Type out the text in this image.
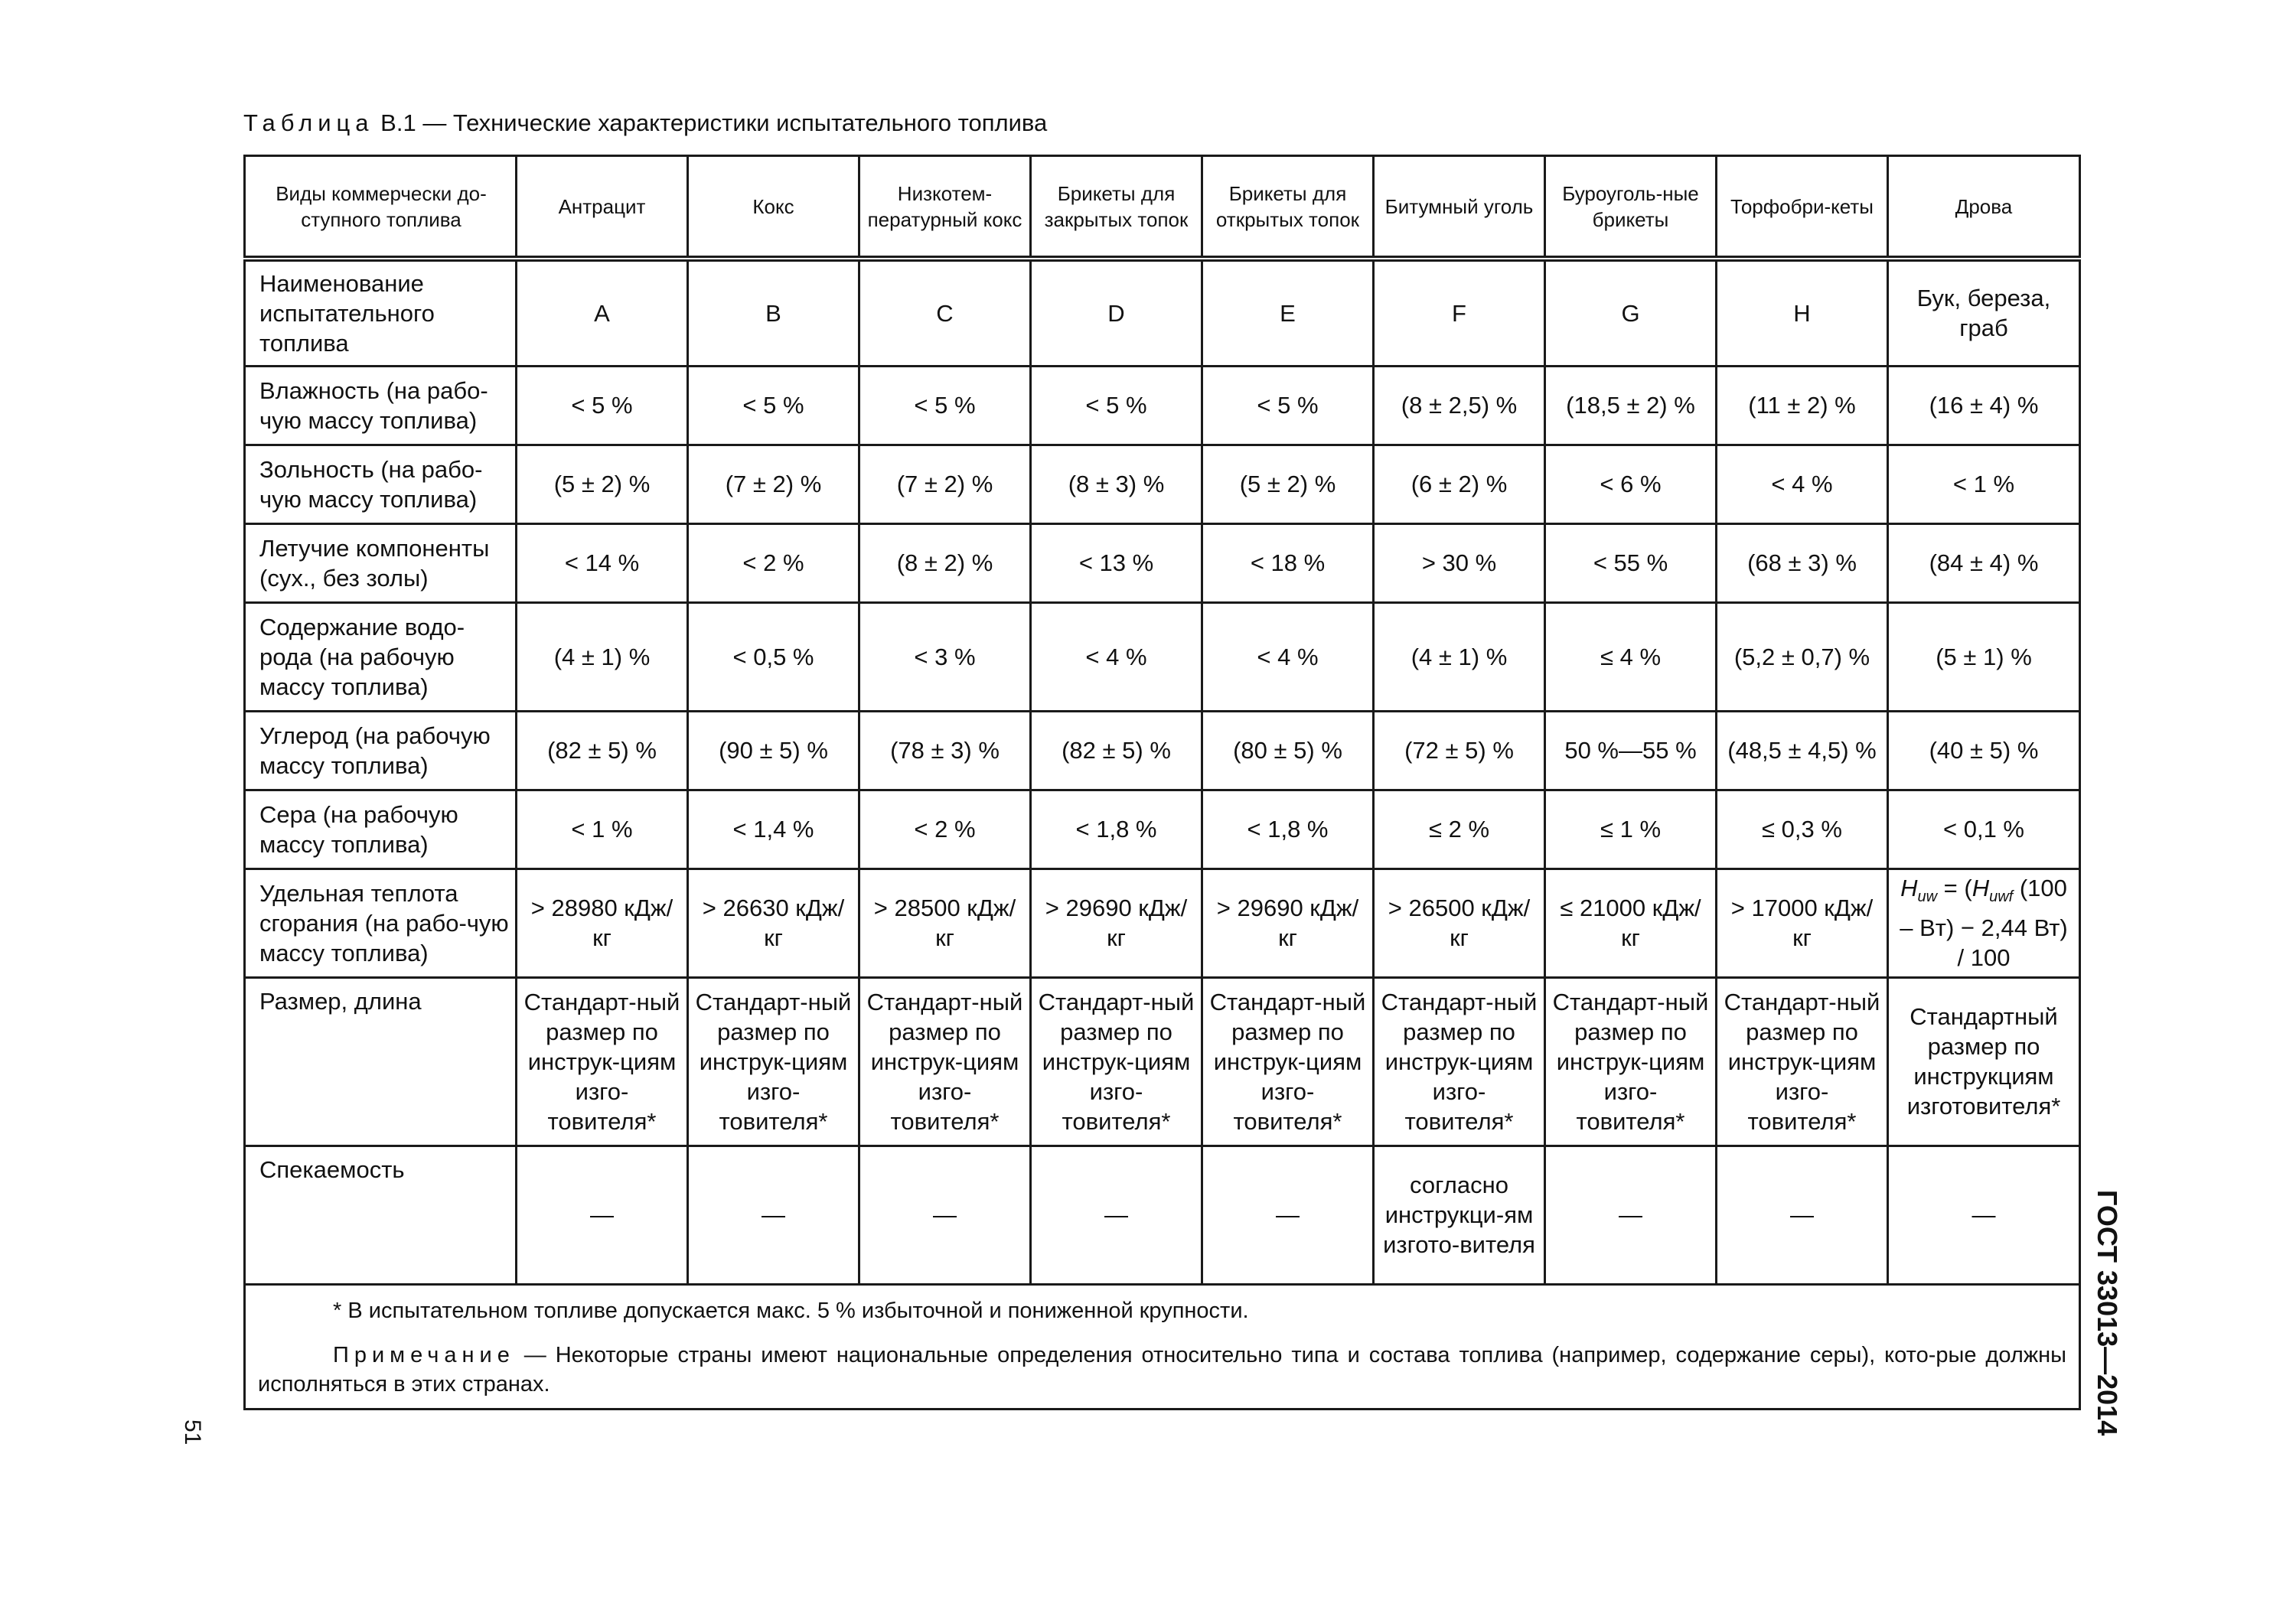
Таблица В.1 — Технические характеристики испытательного топлива
Виды коммерчески до-ступного топлива	Антрацит	Кокс	Низкотем-пературный кокс	Брикеты для закрытых топок	Брикеты для открытых топок	Битумный уголь	Буроуголь-ные брикеты	Торфобри-кеты	Дрова
Наименование испытательного топлива	A	B	C	D	E	F	G	H	Бук, береза, граб
Влажность (на рабо-чую массу топлива)	< 5 %	< 5 %	< 5 %	< 5 %	< 5 %	(8 ± 2,5) %	(18,5 ± 2) %	(11 ± 2) %	(16 ± 4) %
Зольность (на рабо-чую массу топлива)	(5 ± 2) %	(7 ± 2) %	(7 ± 2) %	(8 ± 3) %	(5 ± 2) %	(6 ± 2) %	< 6 %	< 4 %	< 1 %
Летучие компоненты (сух., без золы)	< 14 %	< 2 %	(8 ± 2) %	< 13 %	< 18 %	> 30 %	< 55 %	(68 ± 3) %	(84 ± 4) %
Содержание водо-рода (на рабочую массу топлива)	(4 ± 1) %	< 0,5 %	< 3 %	< 4 %	< 4 %	(4 ± 1) %	≤ 4 %	(5,2 ± 0,7) %	(5 ± 1) %
Углерод (на рабочую массу топлива)	(82 ± 5) %	(90 ± 5) %	(78 ± 3) %	(82 ± 5) %	(80 ± 5) %	(72 ± 5) %	50 %—55 %	(48,5 ± 4,5) %	(40 ± 5) %
Сера (на рабочую массу топлива)	< 1 %	< 1,4 %	< 2 %	< 1,8 %	< 1,8 %	≤ 2 %	≤ 1 %	≤ 0,3 %	< 0,1 %
Удельная теплота сгорания (на рабо-чую массу топлива)	> 28980 кДж/кг	> 26630 кДж/кг	> 28500 кДж/кг	> 29690 кДж/кг	> 29690 кДж/кг	> 26500 кДж/кг	≤ 21000 кДж/кг	> 17000 кДж/кг	$H_{uw} = (H_{uwf}$ (100 – Bт) − 2,44 Вт) / 100
Размер, длина	Стандарт-ный размер по инструк-циям изго-товителя*	Стандарт-ный размер по инструк-циям изго-товителя*	Стандарт-ный размер по инструк-циям изго-товителя*	Стандарт-ный размер по инструк-циям изго-товителя*	Стандарт-ный размер по инструк-циям изго-товителя*	Стандарт-ный размер по инструк-циям изго-товителя*	Стандарт-ный размер по инструк-циям изго-товителя*	Стандарт-ный размер по инструк-циям изго-товителя*	Стандартный размер по инструкциям изготовителя*
Спекаемость	—	—	—	—	—	согласно инструкци-ям изгото-вителя	—	—	—

* В испытательном топливе допускается макс. 5 % избыточной и пониженной крупности.
Примечание — Некоторые страны имеют национальные определения относительно типа и состава топлива (например, содержание серы), кото-рые должны исполняться в этих странах.									
51	ГОСТ 33013—2014
